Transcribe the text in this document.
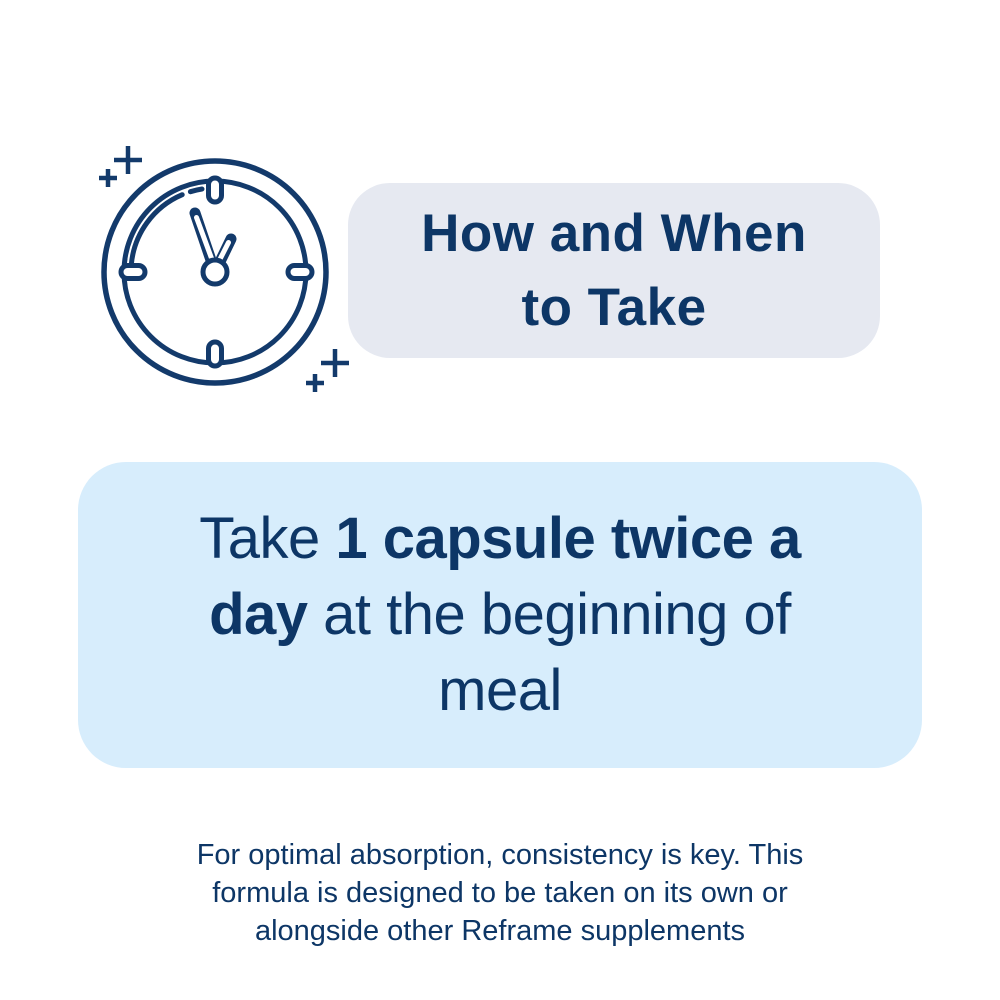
How and When
to Take
Take 1 capsule twice a
day at the beginning of
meal
For optimal absorption, consistency is key. This
formula is designed to be taken on its own or
alongside other Reframe supplements
